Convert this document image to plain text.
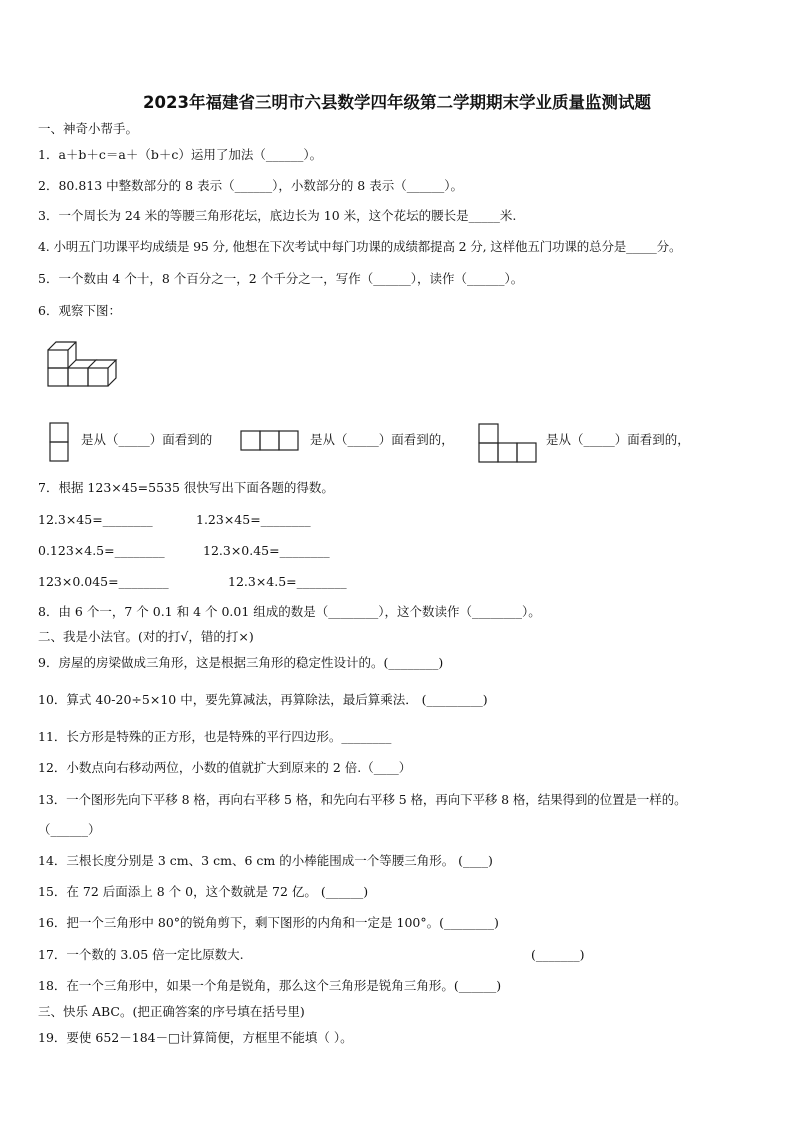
2023年福建省三明市六县数学四年级第二学期期末学业质量监测试题
一、神奇小帮手。
1．a＋b＋c＝a＋（b＋c）运用了加法（______）。
2．80.813 中整数部分的 8 表示（______），小数部分的 8 表示（______）。
3．一个周长为 24 米的等腰三角形花坛，底边长为 10 米，这个花坛的腰长是_____米.
4. 小明五门功课平均成绩是 95 分, 他想在下次考试中每门功课的成绩都提高 2 分, 这样他五门功课的总分是_____分。
5．一个数由 4 个十，8 个百分之一，2 个千分之一，写作（______），读作（______）。
6．观察下图：
是从（_____）面看到的	是从（_____）面看到的，	是从（_____）面看到的，
7．根据 123×45=5535 很快写出下面各题的得数。
12.3×45=________	1.23×45=________
0.123×4.5=________	12.3×0.45=________
123×0.045=________	12.3×4.5=________
8．由 6 个一，7 个 0.1 和 4 个 0.01 组成的数是（________），这个数读作（________）。
二、我是小法官。(对的打√，错的打×)
9．房屋的房梁做成三角形，这是根据三角形的稳定性设计的。(________)
10．算式 40-20÷5×10 中，要先算减法，再算除法，最后算乘法． (_________)
11．长方形是特殊的正方形，也是特殊的平行四边形。________
12．小数点向右移动两位，小数的值就扩大到原来的 2 倍.（____）
13．一个图形先向下平移 8 格，再向右平移 5 格，和先向右平移 5 格，再向下平移 8 格，结果得到的位置是一样的。
（______）
14．三根长度分别是 3 cm、3 cm、6 cm 的小棒能围成一个等腰三角形。 (____)
15．在 72 后面添上 8 个 0，这个数就是 72 亿。 (______)
16．把一个三角形中 80°的锐角剪下，剩下图形的内角和一定是 100°。(________)
17．一个数的 3.05 倍一定比原数大.	(_______)
18．在一个三角形中，如果一个角是锐角，那么这个三角形是锐角三角形。(______)
三、快乐 ABC。(把正确答案的序号填在括号里)
19．要使 652－184－□计算简便，方框里不能填（ ）。
